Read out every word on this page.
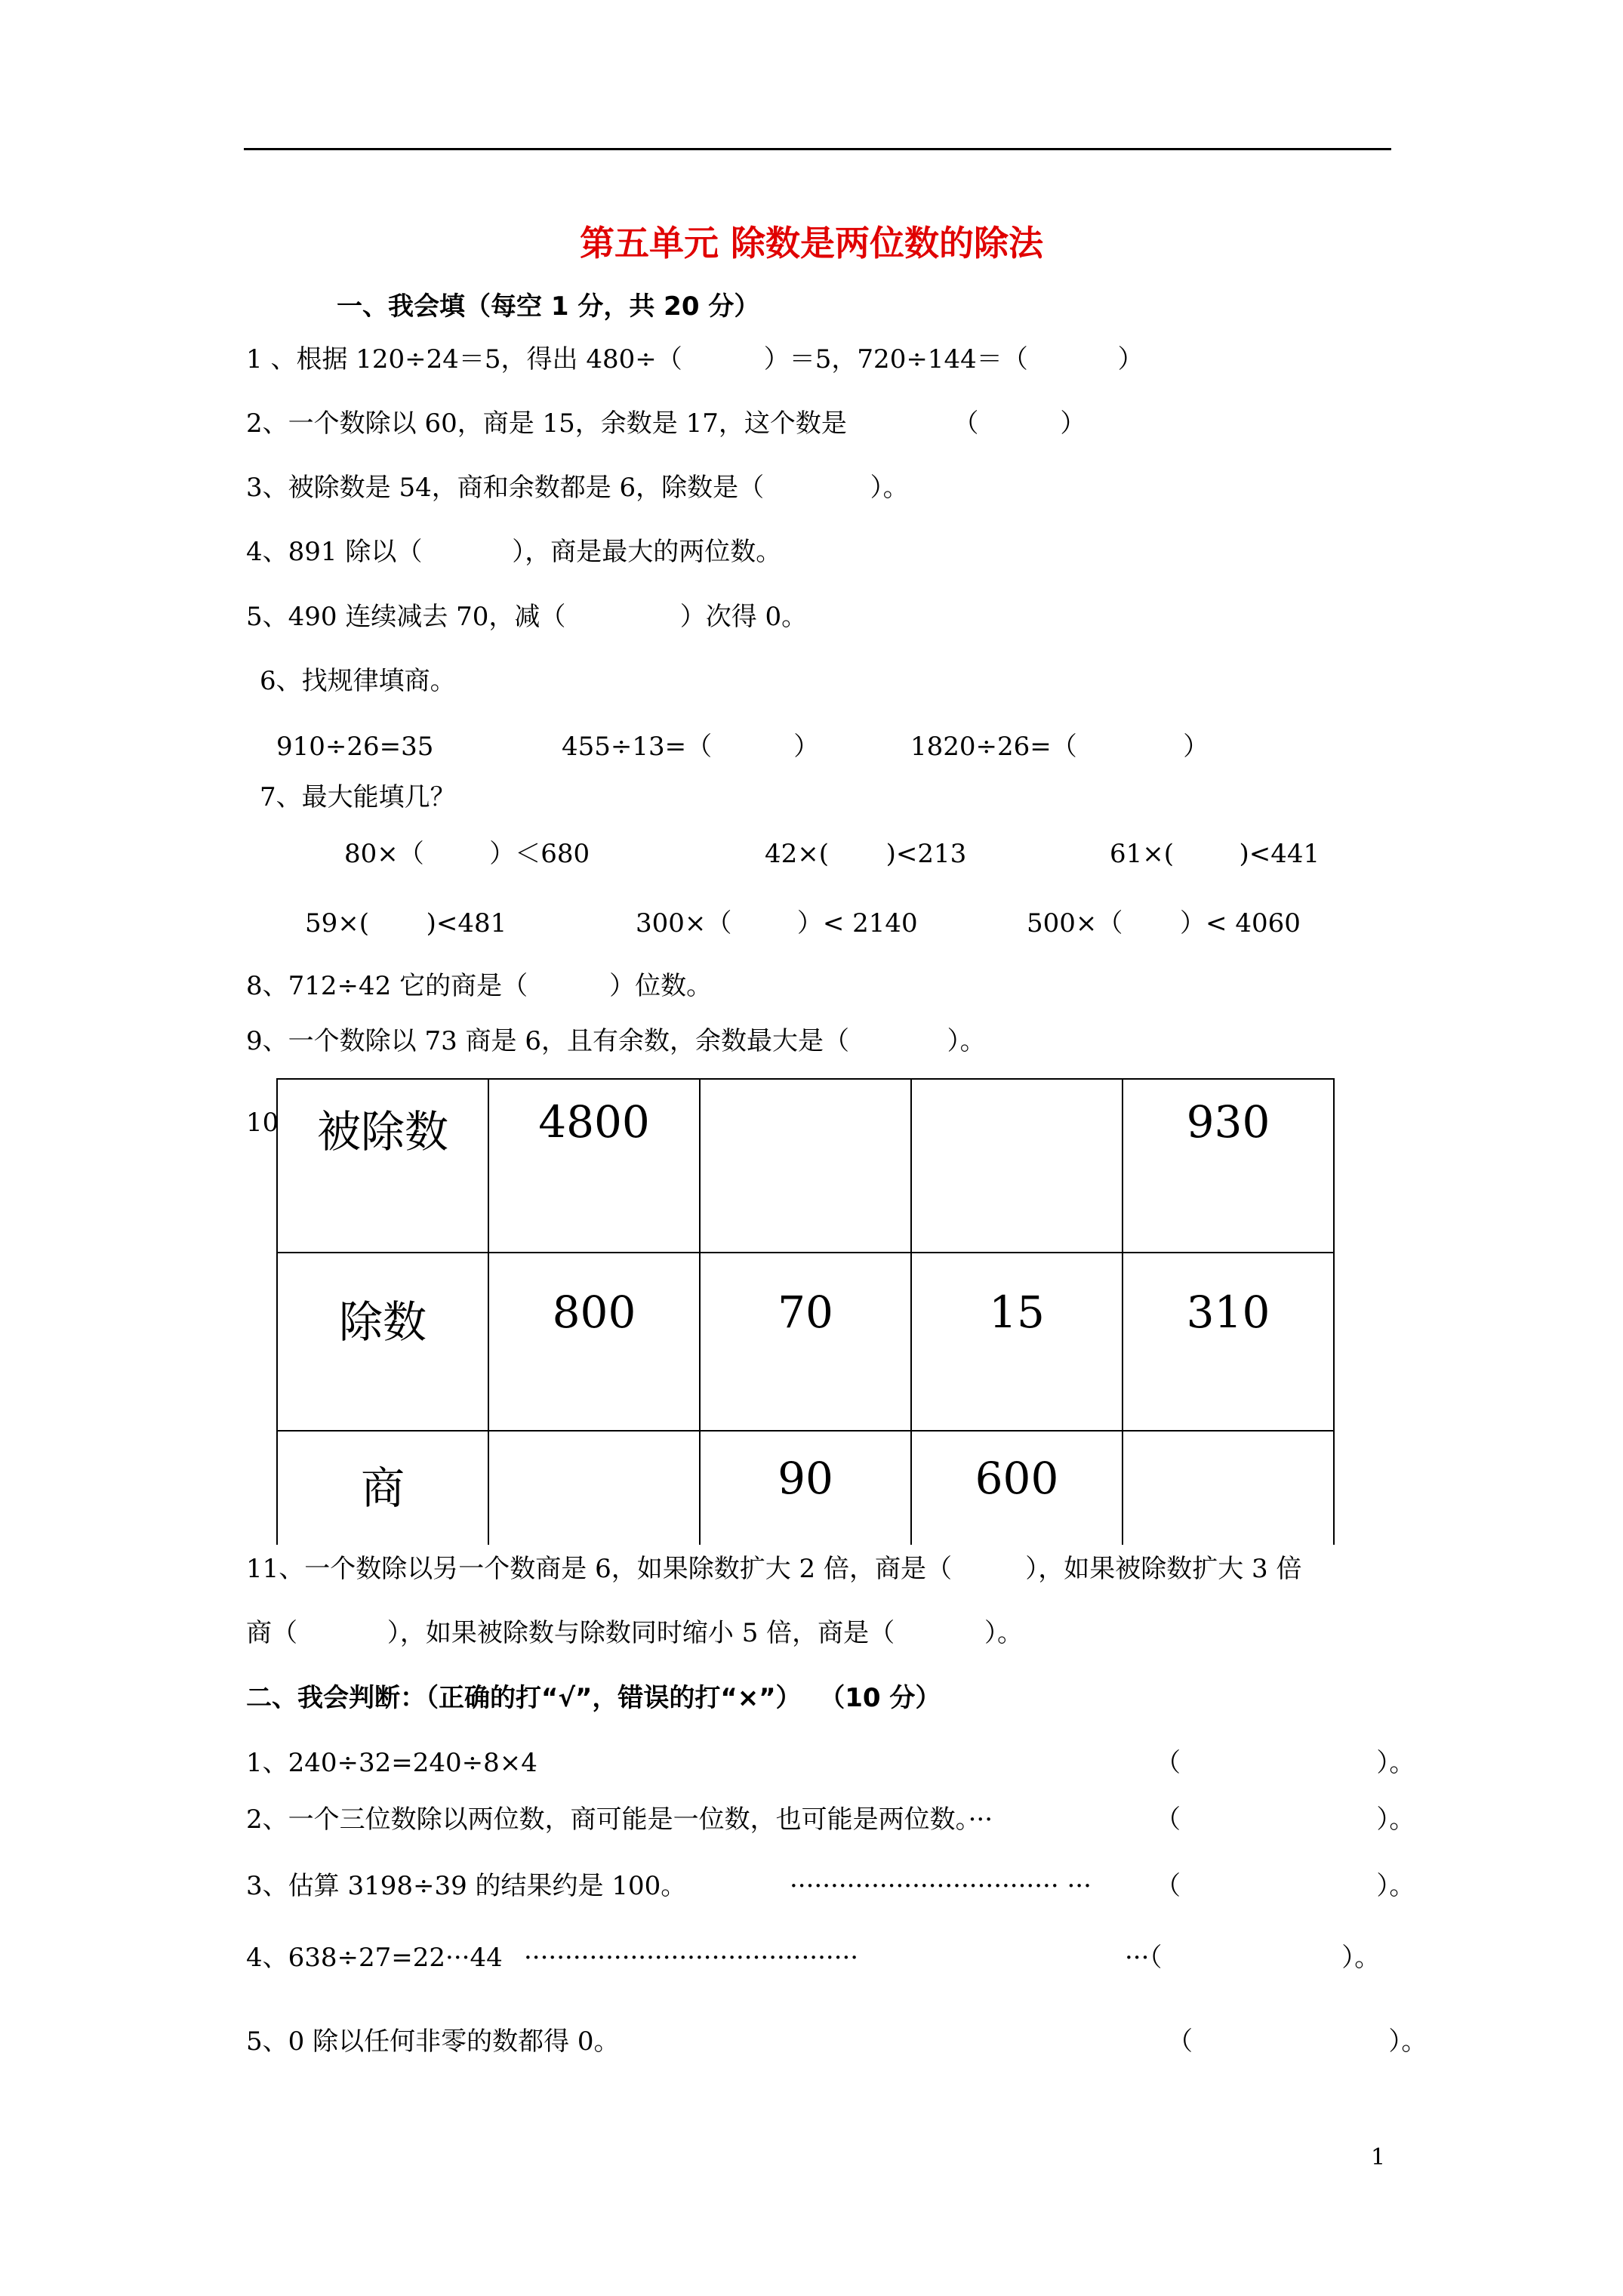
第五单元 除数是两位数的除法
一、我会填（每空 1 分，共 20 分）
1 、根据 120÷24＝5，得出 480÷（          ）＝5，720÷144＝（           ）
2、一个数除以 60，商是 15，余数是 17，这个数是             （          ）
3、被除数是 54，商和余数都是 6，除数是（             ）。
4、891 除以（           ），商是最大的两位数。
5、490 连续减去 70，减（              ）次得 0。
6、找规律填商。
910÷26=35	455÷13=（          ）	1820÷26=（             ）
7、最大能填几？
80×（        ）＜680	42×(       )<213	61×(        )<441
59×(       )<481	300×（        ）< 2140	500×（       ）< 4060
8、712÷42 它的商是（          ）位数。
9、一个数除以 73 商是 6，且有余数，余数最大是（            ）。
10 被除数	4800			930
除数	800	70	15	310
商		90	600	
11、一个数除以另一个数商是 6，如果除数扩大 2 倍，商是（         ），如果被除数扩大 3 倍
商（           ），如果被除数与除数同时缩小 5 倍，商是（           ）。
二、我会判断：（正确的打“√”，错误的打“×”）  （10 分）
1、240÷32=240÷8×4	（                        ）。
2、一个三位数除以两位数，商可能是一位数，也可能是两位数。···	（                        ）。
3、估算 3198÷39 的结果约是 100。	································· ··· （                        ）。
4、638÷27=22···44 ·········································	···（                      ）。
5、0 除以任何非零的数都得 0。	（                        ）。
1
